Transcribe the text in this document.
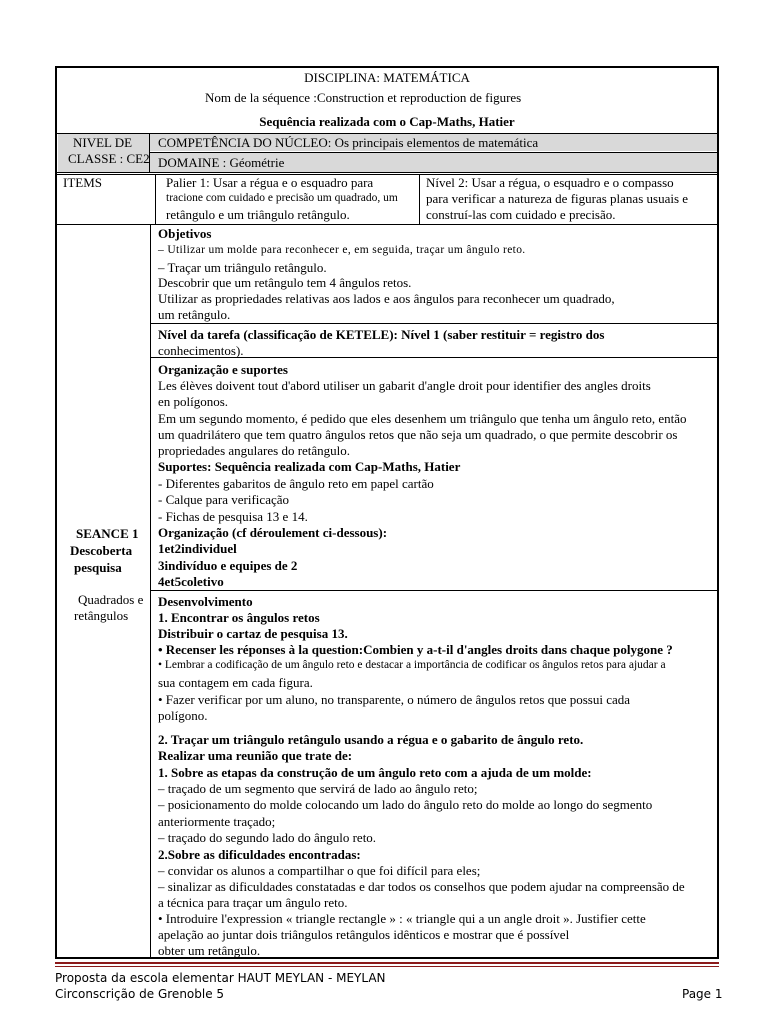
DISCIPLINA: MATEMÁTICA
Nom de la séquence :Construction et reproduction de figures
Sequência realizada com o Cap-Maths, Hatier
NIVEL DE
CLASSE : CE2
COMPETÊNCIA DO NÚCLEO: Os principais elementos de matemática
DOMAINE : Géométrie
ITEMS	Palier 1: Usar a régua e o esquadro para
tracione com cuidado e precisão um quadrado, um
retângulo e um triângulo retângulo.
Nível 2: Usar a régua, o esquadro e o compasso
para verificar a natureza de figuras planas usuais e
construí-las com cuidado e precisão.
SEANCE 1
Descoberta
pesquisa
Quadrados e
retângulos
Objetivos
– Utilizar um molde para reconhecer e, em seguida, traçar um ângulo reto.
– Traçar um triângulo retângulo.
Descobrir que um retângulo tem 4 ângulos retos.
Utilizar as propriedades relativas aos lados e aos ângulos para reconhecer um quadrado,
um retângulo.
Nível da tarefa (classificação de KETELE): Nível 1 (saber restituir = registro dos
conhecimentos).
Organização e suportes
Les élèves doivent tout d'abord utiliser un gabarit d'angle droit pour identifier des angles droits
en polígonos.
Em um segundo momento, é pedido que eles desenhem um triângulo que tenha um ângulo reto, então
um quadrilátero que tem quatro ângulos retos que não seja um quadrado, o que permite descobrir os
propriedades angulares do retângulo.
Suportes: Sequência realizada com Cap-Maths, Hatier
- Diferentes gabaritos de ângulo reto em papel cartão
- Calque para verificação
- Fichas de pesquisa 13 e 14.
Organização (cf déroulement ci-dessous):
1et2individuel
3indivíduo e equipes de 2
4et5coletivo
Desenvolvimento
1. Encontrar os ângulos retos
Distribuir o cartaz de pesquisa 13.
• Recenser les réponses à la question:Combien y a-t-il d'angles droits dans chaque polygone ?
• Lembrar a codificação de um ângulo reto e destacar a importância de codificar os ângulos retos para ajudar a
sua contagem em cada figura.
• Fazer verificar por um aluno, no transparente, o número de ângulos retos que possui cada
polígono.
2. Traçar um triângulo retângulo usando a régua e o gabarito de ângulo reto.
Realizar uma reunião que trate de:
1. Sobre as etapas da construção de um ângulo reto com a ajuda de um molde:
– traçado de um segmento que servirá de lado ao ângulo reto;
– posicionamento do molde colocando um lado do ângulo reto do molde ao longo do segmento
anteriormente traçado;
– traçado do segundo lado do ângulo reto.
2.Sobre as dificuldades encontradas:
– convidar os alunos a compartilhar o que foi difícil para eles;
– sinalizar as dificuldades constatadas e dar todos os conselhos que podem ajudar na compreensão de
a técnica para traçar um ângulo reto.
• Introduire l'expression « triangle rectangle » : « triangle qui a un angle droit ». Justifier cette
apelação ao juntar dois triângulos retângulos idênticos e mostrar que é possível
obter um retângulo.
Proposta da escola elementar HAUT MEYLAN - MEYLAN
Circonscrição de Grenoble 5	Page 1
